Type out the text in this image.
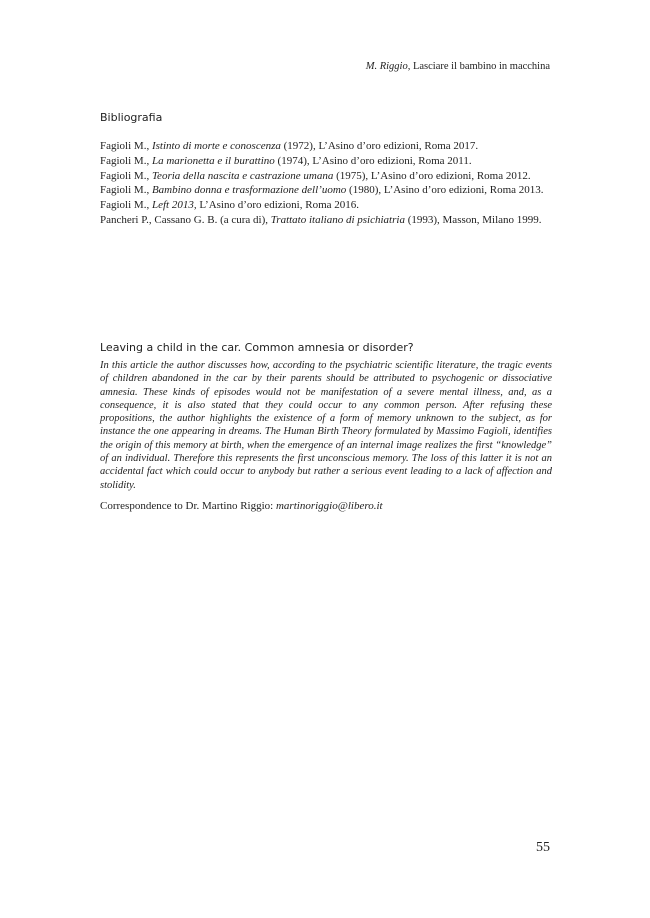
M. Riggio, Lasciare il bambino in macchina
Bibliografia

Fagioli M., Istinto di morte e conoscenza (1972), L’Asino d’oro edizioni, Roma 2017.

Fagioli M., La marionetta e il burattino (1974), L’Asino d’oro edizioni, Roma 2011.

Fagioli M., Teoria della nascita e castrazione umana (1975), L’Asino d’oro edizioni, Roma 2012.

Fagioli M., Bambino donna e trasformazione dell’uomo (1980), L’Asino d’oro edizioni, Roma 2013.

Fagioli M., Left 2013, L’Asino d’oro edizioni, Roma 2016.

Pancheri P., Cassano G. B. (a cura di), Trattato italiano di psichiatria (1993), Masson, Milano 1999.

Leaving a child in the car. Common amnesia or disorder?

In this article the author discusses how, according to the psychiatric scientific literature, the tragic events of children abandoned in the car by their parents should be attributed to psychogenic or dissociative amnesia. These kinds of episodes would not be manifestation of a severe mental illness, and, as a consequence, it is also stated that they could occur to any common person. After refusing these propositions, the author highlights the existence of a form of memory unknown to the subject, as for instance the one appearing in dreams. The Human Birth Theory formulated by Massimo Fagioli, identifies the origin of this memory at birth, when the emergence of an internal image realizes the first “knowledge” of an individual. Therefore this represents the first unconscious memory. The loss of this latter it is not an accidental fact which could occur to anybody but rather a serious event leading to a lack of affection and stolidity.

Correspondence to Dr. Martino Riggio: martinoriggio@libero.it
55
